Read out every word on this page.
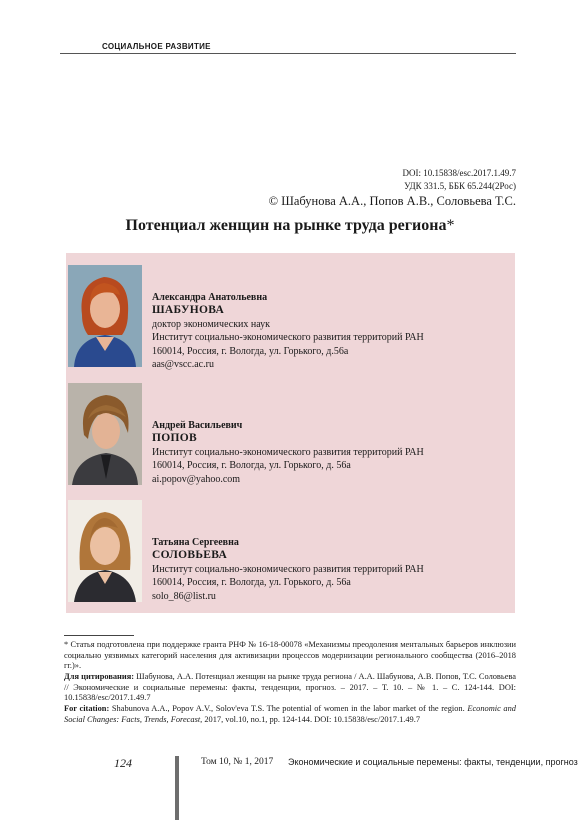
СОЦИАЛЬНОЕ РАЗВИТИЕ
DOI: 10.15838/esc.2017.1.49.7
УДК 331.5, ББК 65.244(2Рос)
© Шабунова А.А., Попов А.В., Соловьева Т.С.
Потенциал женщин на рынке труда региона*
Александра Анатольевна
ШАБУНОВА
доктор экономических наук
Институт социально-экономического развития территорий РАН
160014, Россия, г. Вологда, ул. Горького, д.56а
aas@vscc.ac.ru
Андрей Васильевич
ПОПОВ
Институт социально-экономического развития территорий РАН
160014, Россия, г. Вологда, ул. Горького, д. 56а
ai.popov@yahoo.com
Татьяна Сергеевна
СОЛОВЬЕВА
Институт социально-экономического развития территорий РАН
160014, Россия, г. Вологда, ул. Горького, д. 56а
solo_86@list.ru
* Статья подготовлена при поддержке гранта РНФ № 16-18-00078 «Механизмы преодоления ментальных барьеров инклюзии социально уязвимых категорий населения для активизации процессов модернизации регионального сообщества (2016–2018 гг.)».
Для цитирования: Шабунова, А.А. Потенциал женщин на рынке труда региона / А.А. Шабунова, А.В. Попов, Т.С. Соловьева // Экономические и социальные перемены: факты, тенденции, прогноз. – 2017. – Т. 10. – № 1. – С. 124-144. DOI: 10.15838/esc/2017.1.49.7
For citation: Shabunova A.A., Popov A.V., Solov'eva T.S. The potential of women in the labor market of the region. Economic and Social Changes: Facts, Trends, Forecast, 2017, vol.10, no.1, pp. 124-144. DOI: 10.15838/esc/2017.1.49.7
124	Том 10, № 1, 2017 Экономические и социальные перемены: факты, тенденции, прогноз
